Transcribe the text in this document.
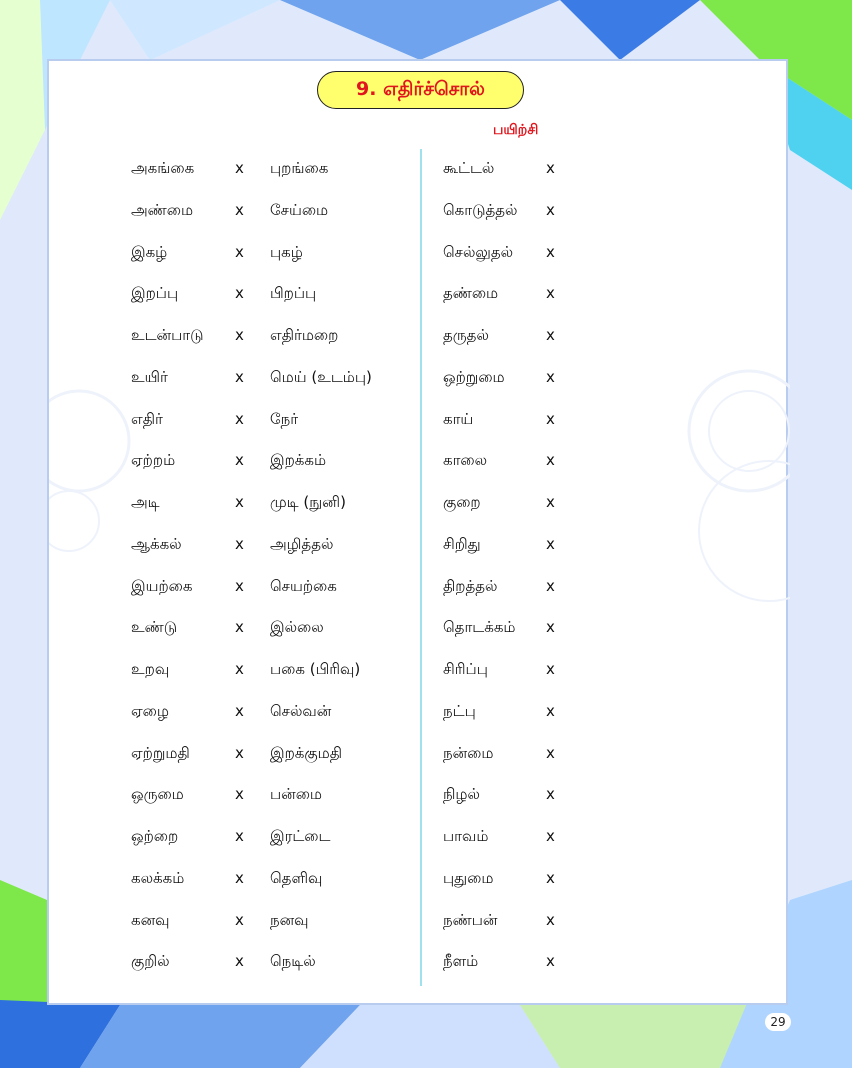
9. எதிர்ச்சொல்
பயிற்சி
அகங்கை	x புறங்கை	கூட்டல்	x
அண்மை	x சேய்மை	கொடுத்தல் x
இகழ்	x புகழ்	செல்லுதல் x
இறப்பு	x பிறப்பு	தண்மை	x
உடன்பாடு x எதிர்மறை	தருதல்	x
உயிர்	x மெய் (உடம்பு)	ஒற்றுமை	x
எதிர்	x நேர்	காய்	x
ஏற்றம்	x இறக்கம்	காலை	x
அடி	x முடி (நுனி)	குறை	x
ஆக்கல்	x அழித்தல்	சிறிது	x
இயற்கை	x செயற்கை	திறத்தல்	x
உண்டு	x இல்லை	தொடக்கம் x
உறவு	x பகை (பிரிவு)	சிரிப்பு	x
ஏழை	x செல்வன்	நட்பு	x
ஏற்றுமதி	x இறக்குமதி	நன்மை	x
ஒருமை	x பன்மை	நிழல்	x
ஒற்றை	x இரட்டை	பாவம்	x
கலக்கம்	x தெளிவு	புதுமை	x
கனவு	x நனவு	நண்பன்	x
குறில்	x நெடில்	நீளம்	x
29
